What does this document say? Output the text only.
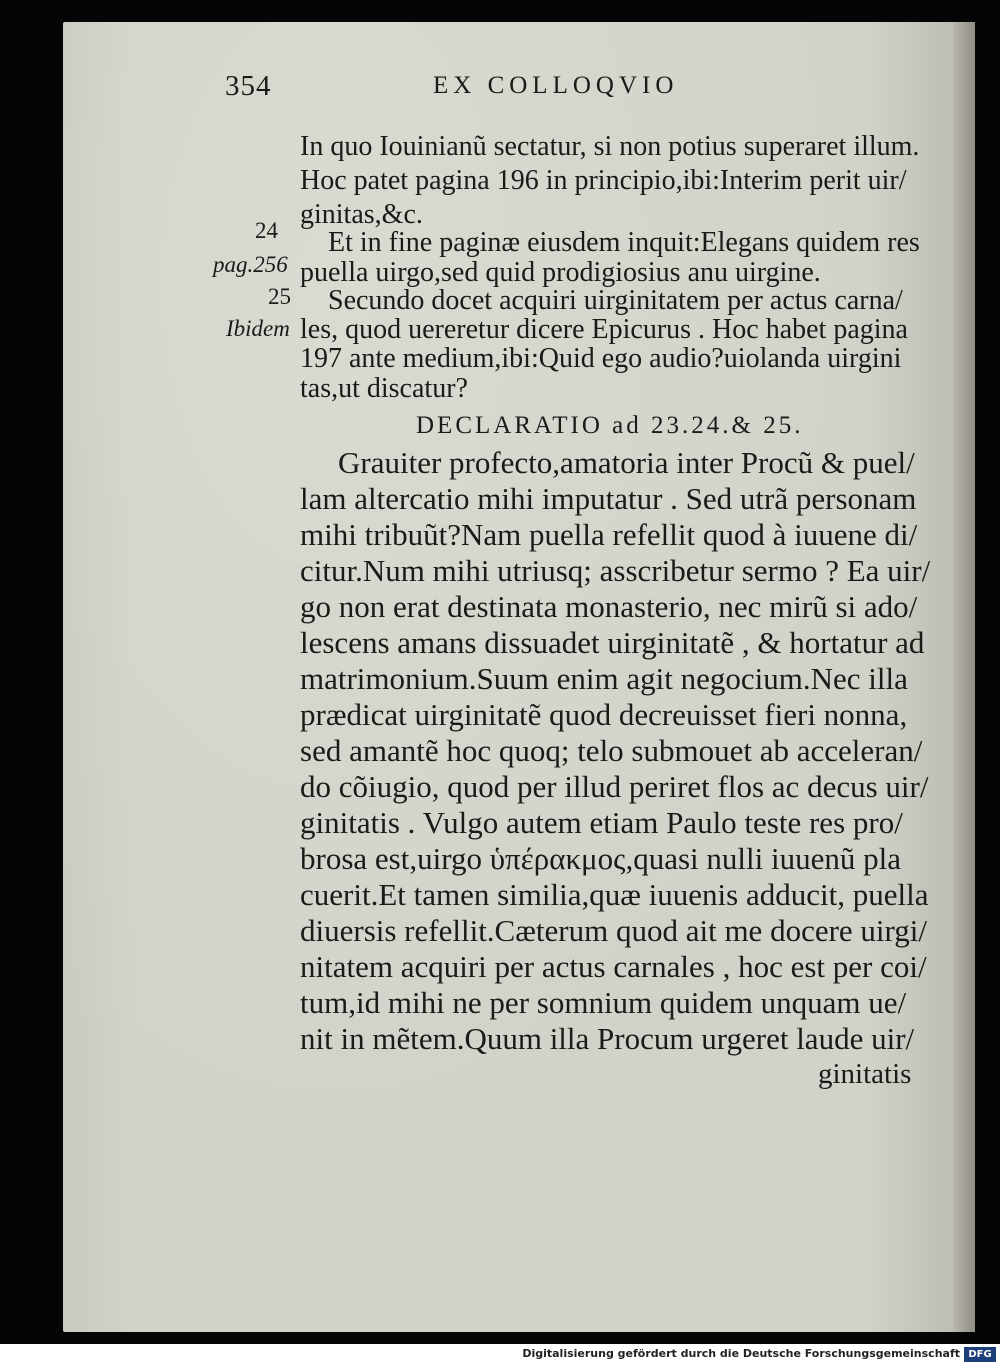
354	EX COLLOQVIO
24
pag.256
25
Ibidem
In quo Iouinianũ sectatur, si non potius superaret illum.
Hoc patet pagina 196 in principio,ibi:Interim perit uir/
ginitas,&c.
Et in fine paginæ eiusdem inquit:Elegans quidem res
puella uirgo,sed quid prodigiosius anu uirgine.
Secundo docet acquiri uirginitatem per actus carna/
les, quod uereretur dicere Epicurus . Hoc habet pagina
197 ante medium,ibi:Quid ego audio?uiolanda uirgini
tas,ut discatur?
DECLARATIO ad 23.24.& 25.
Grauiter profecto,amatoria inter Procũ & puel/
lam altercatio mihi imputatur . Sed utrã personam
mihi tribuũt?Nam puella refellit quod à iuuene di/
citur.Num mihi utriusq; asscribetur sermo ? Ea uir/
go non erat destinata monasterio, nec mirũ si ado/
lescens amans dissuadet uirginitatẽ , & hortatur ad
matrimonium.Suum enim agit negocium.Nec illa
prædicat uirginitatẽ quod decreuisset fieri nonna,
sed amantẽ hoc quoq; telo submouet ab acceleran/
do cõiugio, quod per illud periret flos ac decus uir/
ginitatis . Vulgo autem etiam Paulo teste res pro/
brosa est,uirgo ὑπέρακμος,quasi nulli iuuenũ pla
cuerit.Et tamen similia,quæ iuuenis adducit, puella
diuersis refellit.Cæterum quod ait me docere uirgi/
nitatem acquiri per actus carnales , hoc est per coi/
tum,id mihi ne per somnium quidem unquam ue/
nit in mẽtem.Quum illa Procum urgeret laude uir/
ginitatis
Digitalisierung gefördert durch die Deutsche Forschungsgemeinschaft DFG
